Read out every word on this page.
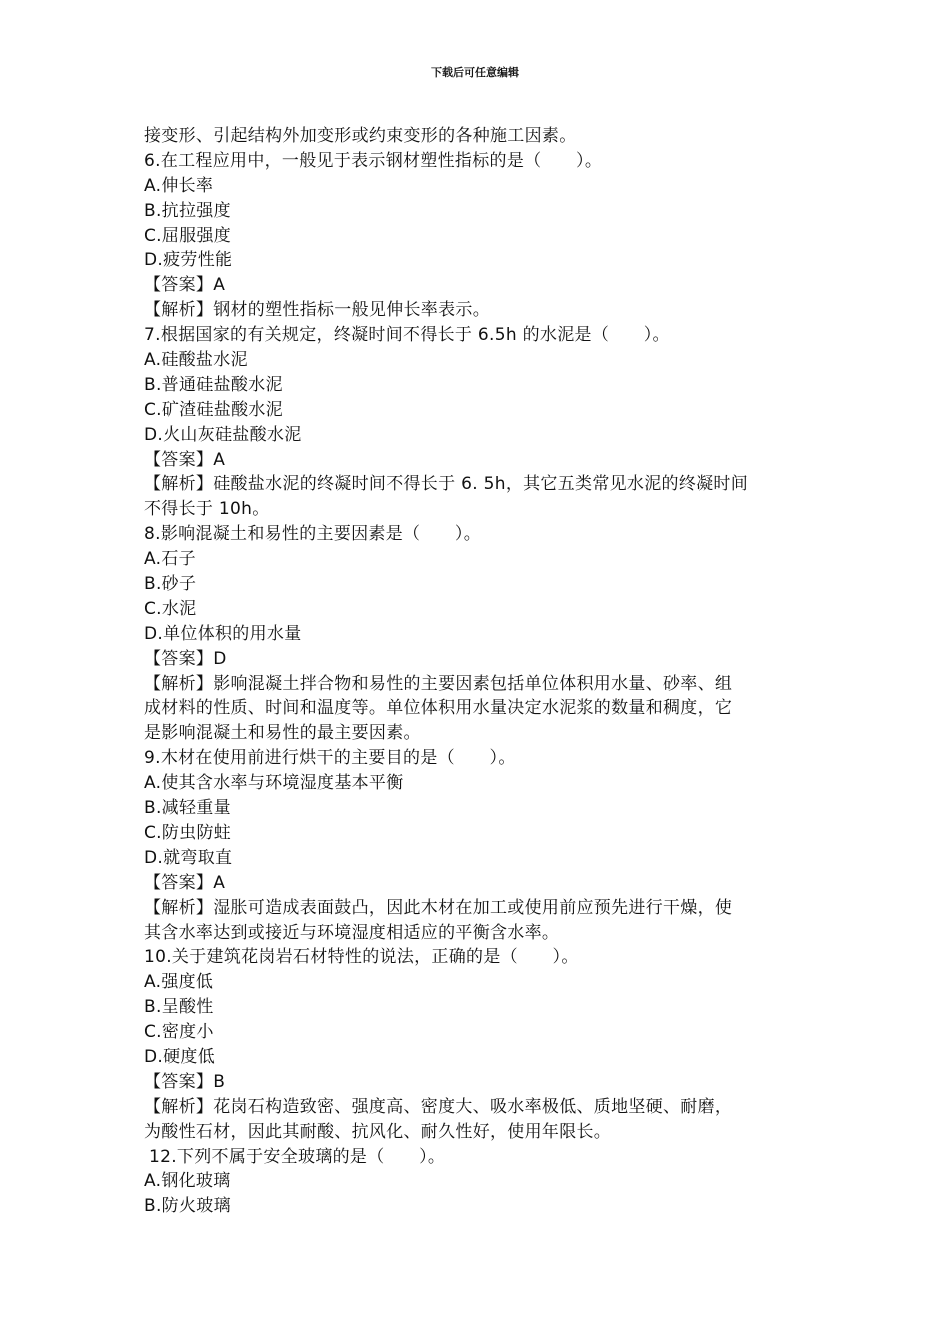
下载后可任意编辑
接变形、引起结构外加变形或约束变形的各种施工因素。
6.在工程应用中，一般见于表示钢材塑性指标的是（　　）。
A.伸长率
B.抗拉强度
C.屈服强度
D.疲劳性能
【答案】A
【解析】钢材的塑性指标一般见伸长率表示。
7.根据国家的有关规定，终凝时间不得长于 6.5h 的水泥是（　　）。
A.硅酸盐水泥
B.普通硅盐酸水泥
C.矿渣硅盐酸水泥
D.火山灰硅盐酸水泥
【答案】A
【解析】硅酸盐水泥的终凝时间不得长于 6. 5h，其它五类常见水泥的终凝时间
不得长于 10h。
8.影响混凝土和易性的主要因素是（　　）。
A.石子
B.砂子
C.水泥
D.单位体积的用水量
【答案】D
【解析】影响混凝土拌合物和易性的主要因素包括单位体积用水量、砂率、组
成材料的性质、时间和温度等。单位体积用水量决定水泥浆的数量和稠度，它
是影响混凝土和易性的最主要因素。
9.木材在使用前进行烘干的主要目的是（　　）。
A.使其含水率与环境湿度基本平衡
B.减轻重量
C.防虫防蛀
D.就弯取直
【答案】A
【解析】湿胀可造成表面鼓凸，因此木材在加工或使用前应预先进行干燥，使
其含水率达到或接近与环境湿度相适应的平衡含水率。
10.关于建筑花岗岩石材特性的说法，正确的是（　　）。
A.强度低
B.呈酸性
C.密度小
D.硬度低
【答案】B
【解析】花岗石构造致密、强度高、密度大、吸水率极低、质地坚硬、耐磨，
为酸性石材，因此其耐酸、抗风化、耐久性好，使用年限长。
12.下列不属于安全玻璃的是（　　）。
A.钢化玻璃
B.防火玻璃
